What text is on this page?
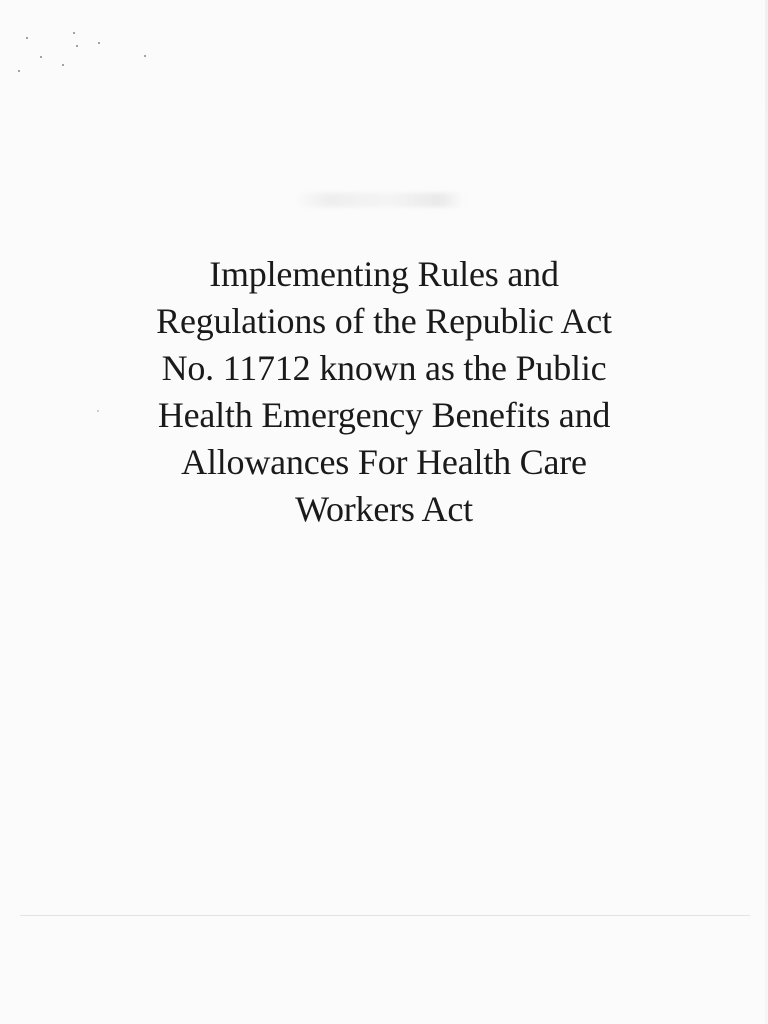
Implementing Rules and
Regulations of the Republic Act
No. 11712 known as the Public
Health Emergency Benefits and
Allowances For Health Care
Workers Act
